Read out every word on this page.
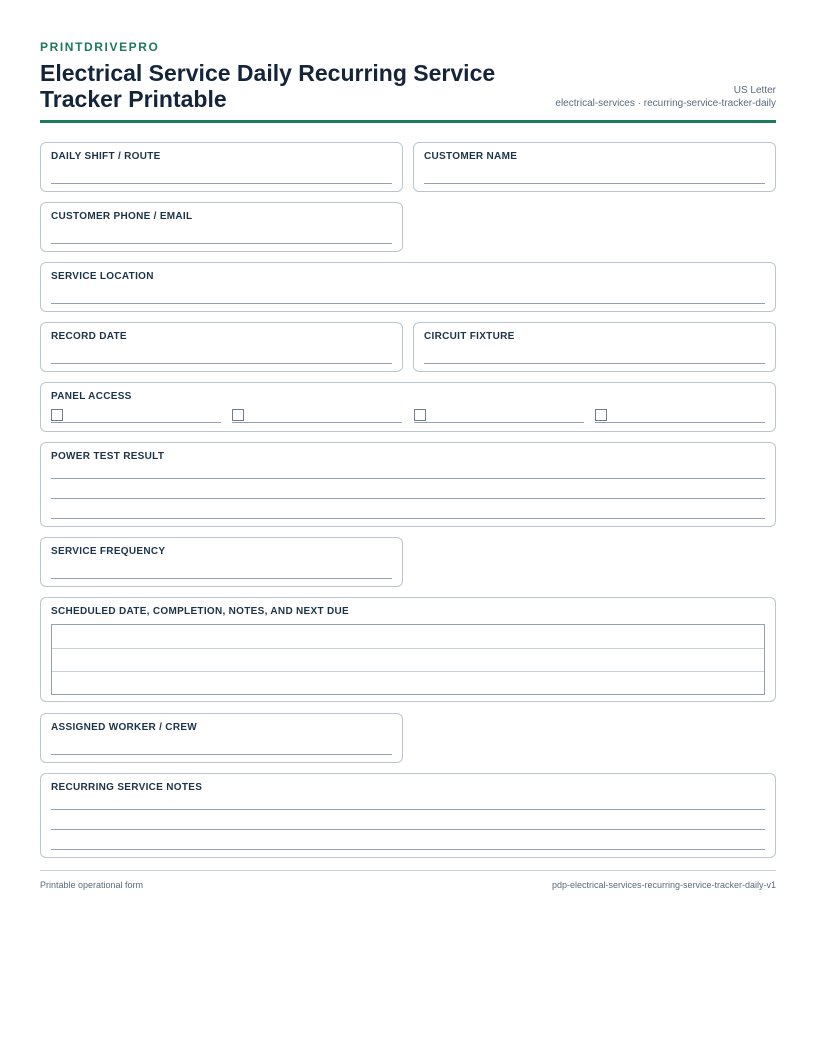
PRINTDRIVEPRO
Electrical Service Daily Recurring Service
Tracker Printable	US Letter
electrical-services · recurring-service-tracker-daily
DAILY SHIFT / ROUTE	CUSTOMER NAME
CUSTOMER PHONE / EMAIL
SERVICE LOCATION
RECORD DATE	CIRCUIT FIXTURE
PANEL ACCESS
POWER TEST RESULT
SERVICE FREQUENCY
SCHEDULED DATE, COMPLETION, NOTES, AND NEXT DUE
ASSIGNED WORKER / CREW
RECURRING SERVICE NOTES
Printable operational form	pdp-electrical-services-recurring-service-tracker-daily-v1
